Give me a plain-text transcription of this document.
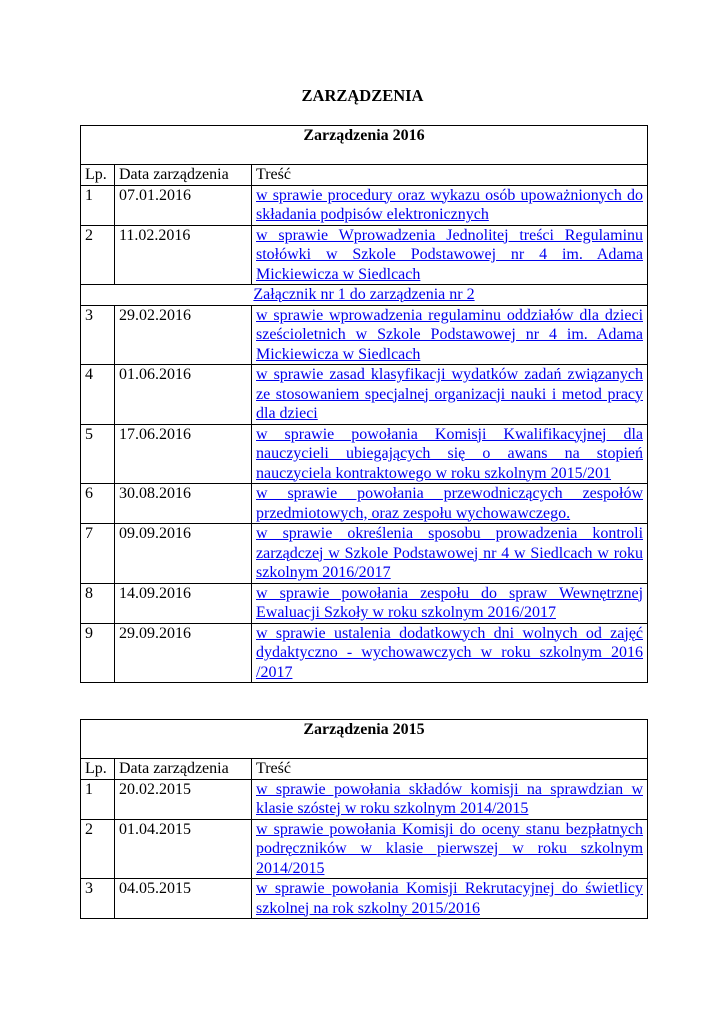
ZARZĄDZENIA
Zarządzenia 2016		
Lp.	Data zarządzenia	Treść
1	07.01.2016	w sprawie procedury oraz wykazu osób upoważnionych do składania podpisów elektronicznych
2	11.02.2016	w sprawie Wprowadzenia Jednolitej treści Regulaminu stołówki w Szkole Podstawowej nr 4 im. Adama Mickiewicza w Siedlcach
Załącznik nr 1 do zarządzenia nr 2		
3	29.02.2016	w sprawie wprowadzenia regulaminu oddziałów dla dzieci sześcioletnich w Szkole Podstawowej nr 4 im. Adama Mickiewicza w Siedlcach
4	01.06.2016	w sprawie zasad klasyfikacji wydatków zadań związanych ze stosowaniem specjalnej organizacji nauki i metod pracy dla dzieci
5	17.06.2016	w sprawie powołania Komisji Kwalifikacyjnej dla nauczycieli ubiegających się o awans na stopień nauczyciela kontraktowego w roku szkolnym 2015/201
6	30.08.2016	w sprawie powołania przewodniczących zespołów przedmiotowych, oraz zespołu wychowawczego.
7	09.09.2016	w sprawie określenia sposobu prowadzenia kontroli zarządczej w Szkole Podstawowej nr 4 w Siedlcach w roku szkolnym 2016/2017
8	14.09.2016	w sprawie powołania zespołu do spraw Wewnętrznej Ewaluacji Szkoły w roku szkolnym 2016/2017
9	29.09.2016	w sprawie ustalenia dodatkowych dni wolnych od zajęć dydaktyczno - wychowawczych w roku szkolnym 2016 /2017
Zarządzenia 2015		
Lp.	Data zarządzenia	Treść
1	20.02.2015	w sprawie powołania składów komisji na sprawdzian w klasie szóstej w roku szkolnym 2014/2015
2	01.04.2015	w sprawie powołania Komisji do oceny stanu bezpłatnych podręczników w klasie pierwszej w roku szkolnym 2014/2015
3	04.05.2015	w sprawie powołania Komisji Rekrutacyjnej do świetlicy szkolnej na rok szkolny 2015/2016
